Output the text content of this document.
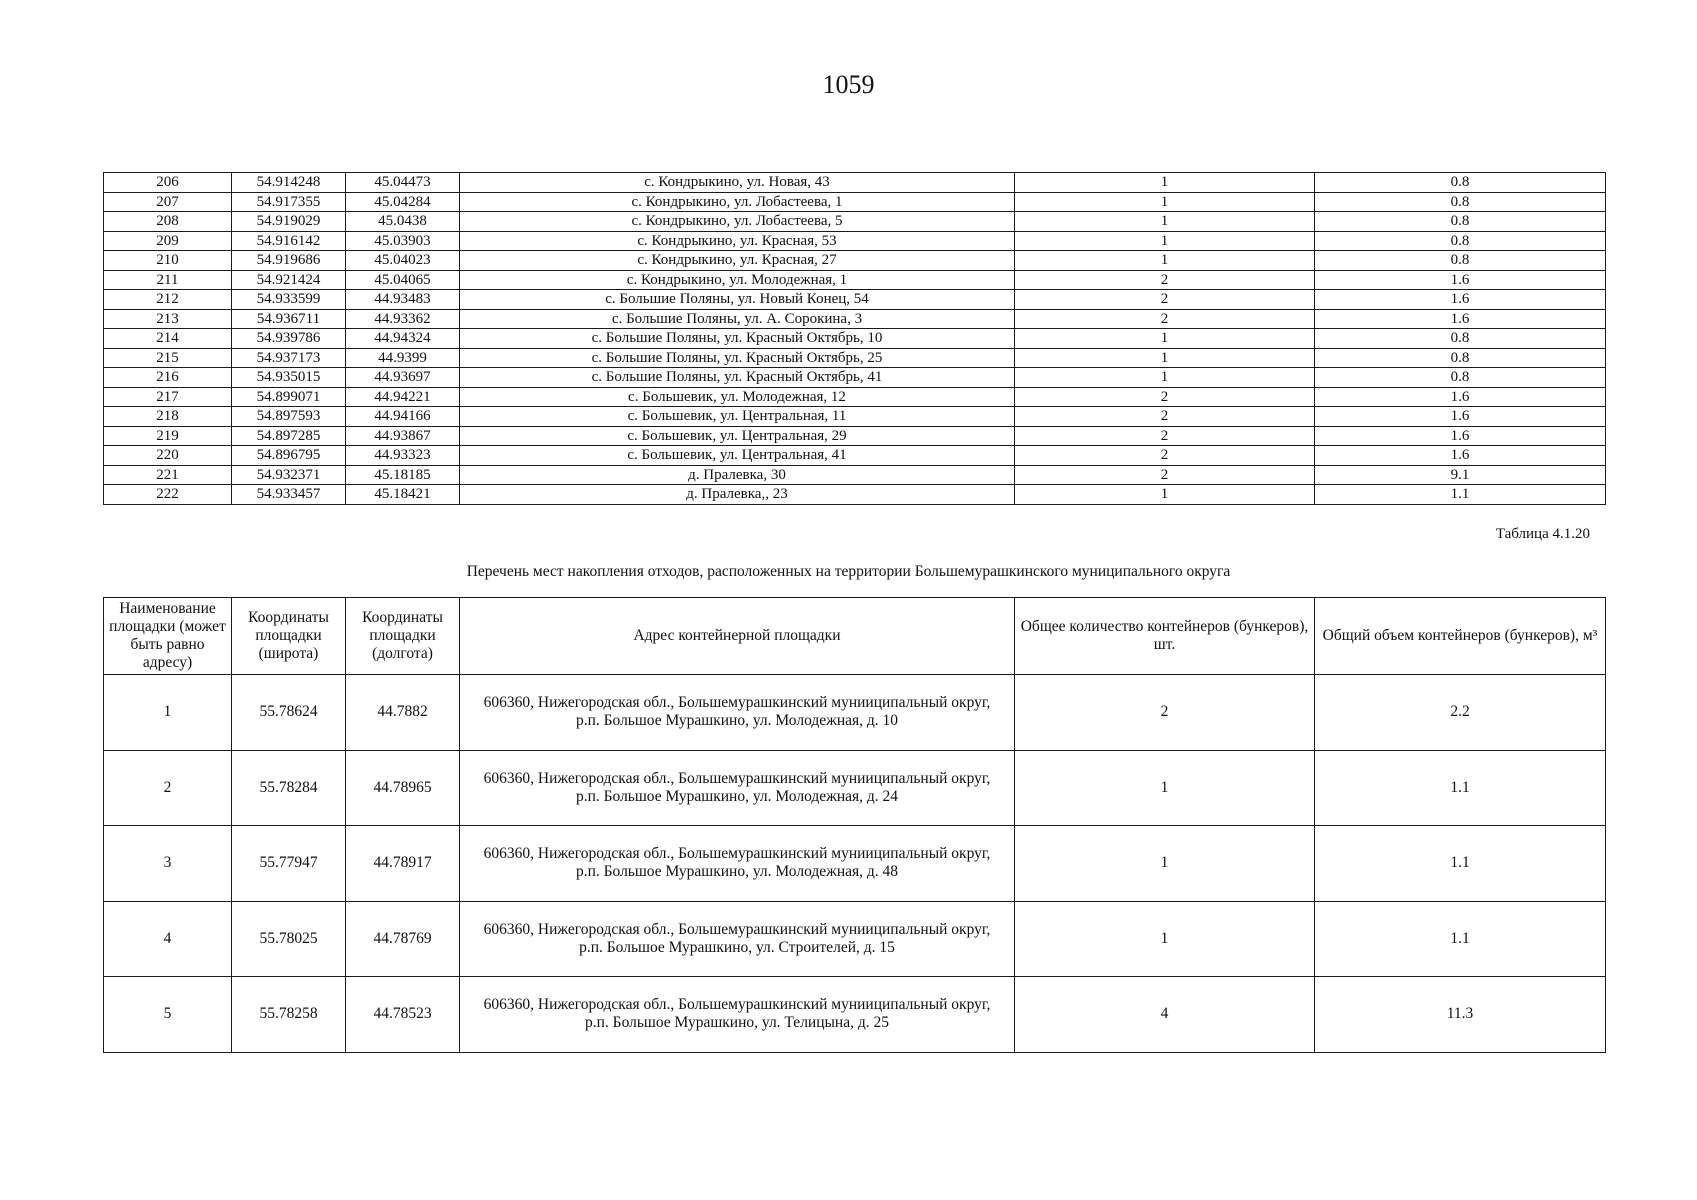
1059
206	54.914248	45.04473	с. Кондрыкино, ул. Новая, 43	1	0.8
207	54.917355	45.04284	с. Кондрыкино, ул. Лобастеева, 1	1	0.8
208	54.919029	45.0438	с. Кондрыкино, ул. Лобастеева, 5	1	0.8
209	54.916142	45.03903	с. Кондрыкино, ул. Красная, 53	1	0.8
210	54.919686	45.04023	с. Кондрыкино, ул. Красная, 27	1	0.8
211	54.921424	45.04065	с. Кондрыкино, ул. Молодежная, 1	2	1.6
212	54.933599	44.93483	с. Большие Поляны, ул. Новый Конец, 54	2	1.6
213	54.936711	44.93362	с. Большие Поляны, ул. А. Сорокина, 3	2	1.6
214	54.939786	44.94324	с. Большие Поляны, ул. Красный Октябрь, 10	1	0.8
215	54.937173	44.9399	с. Большие Поляны, ул. Красный Октябрь, 25	1	0.8
216	54.935015	44.93697	с. Большие Поляны, ул. Красный Октябрь, 41	1	0.8
217	54.899071	44.94221	с. Большевик, ул. Молодежная, 12	2	1.6
218	54.897593	44.94166	с. Большевик, ул. Центральная, 11	2	1.6
219	54.897285	44.93867	с. Большевик, ул. Центральная, 29	2	1.6
220	54.896795	44.93323	с. Большевик, ул. Центральная, 41	2	1.6
221	54.932371	45.18185	д. Пралевка, 30	2	9.1
222	54.933457	45.18421	д. Пралевка,, 23	1	1.1
Таблица 4.1.20
Перечень мест накопления отходов, расположенных на территории Большемурашкинского муниципального округа
Наименование площадки (может быть равно адресу)	Координаты площадки (широта)	Координаты площадки (долгота)	Адрес контейнерной площадки	Общее количество контейнеров (бункеров), шт.	Общий объем контейнеров (бункеров), м³
1	55.78624	44.7882	606360, Нижегородская обл., Большемурашкинский мунииципальный округ,
р.п. Большое Мурашкино, ул. Молодежная, д. 10	2	2.2
2	55.78284	44.78965	606360, Нижегородская обл., Большемурашкинский мунииципальный округ,
р.п. Большое Мурашкино, ул. Молодежная, д. 24	1	1.1
3	55.77947	44.78917	606360, Нижегородская обл., Большемурашкинский мунииципальный округ,
р.п. Большое Мурашкино, ул. Молодежная, д. 48	1	1.1
4	55.78025	44.78769	606360, Нижегородская обл., Большемурашкинский мунииципальный округ,
р.п. Большое Мурашкино, ул. Строителей, д. 15	1	1.1
5	55.78258	44.78523	606360, Нижегородская обл., Большемурашкинский мунииципальный округ,
р.п. Большое Мурашкино, ул. Телицына, д. 25	4	11.3
